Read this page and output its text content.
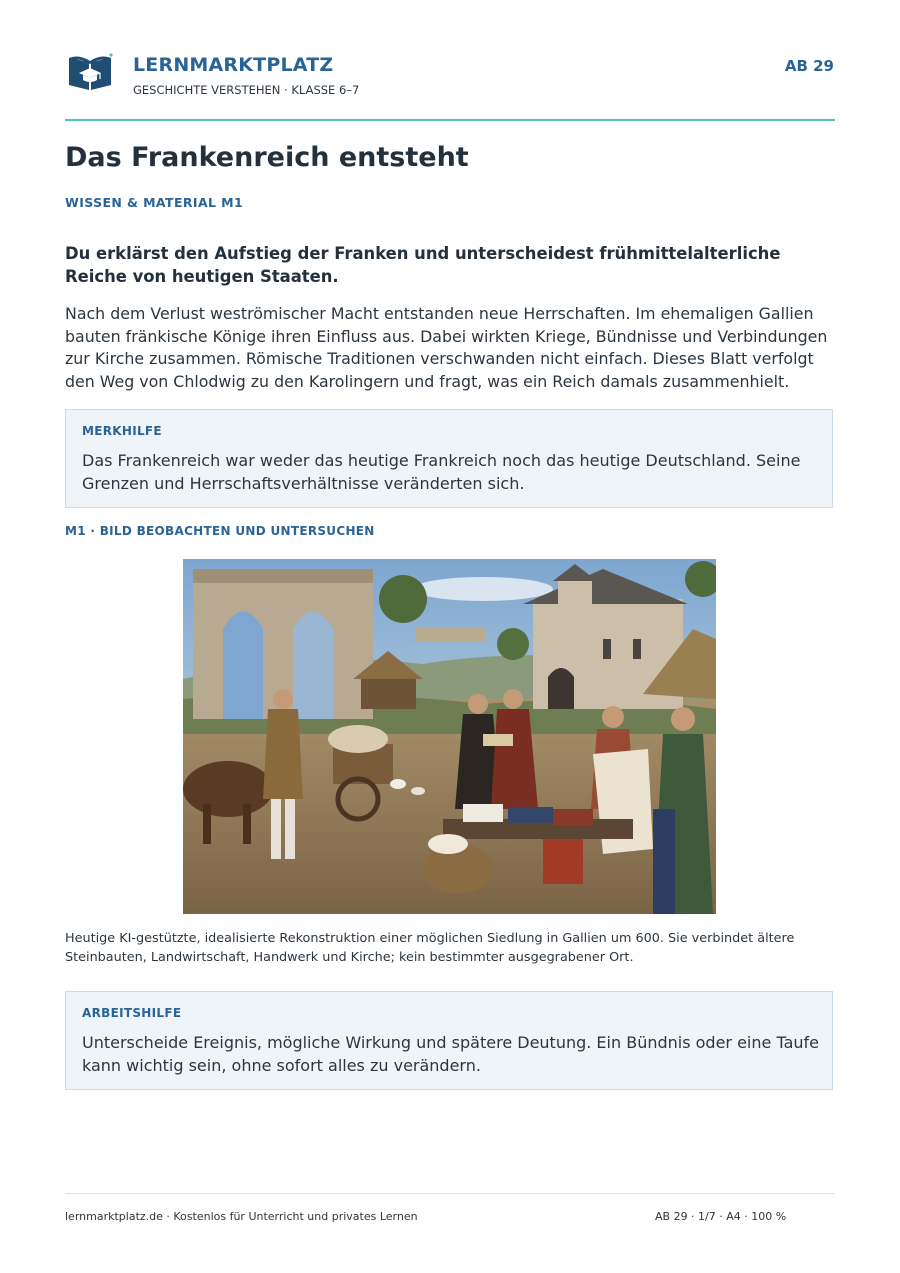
LERNMARKTPLATZ
GESCHICHTE VERSTEHEN · KLASSE 6–7
AB 29
Das Frankenreich entsteht
WISSEN & MATERIAL M1

Du erklärst den Aufstieg der Franken und unterscheidest frühmittelalterliche Reiche von heutigen Staaten.

Nach dem Verlust weströmischer Macht entstanden neue Herrschaften. Im ehemaligen Gallien bauten fränkische Könige ihren Einfluss aus. Dabei wirkten Kriege, Bündnisse und Verbindungen zur Kirche zusammen. Römische Traditionen verschwanden nicht einfach. Dieses Blatt verfolgt den Weg von Chlodwig zu den Karolingern und fragt, was ein Reich damals zusammenhielt.

MERKHILFE

Das Frankenreich war weder das heutige Frankreich noch das heutige Deutschland. Seine Grenzen und Herrschaftsverhältnisse veränderten sich.

M1 · BILD BEOBACHTEN UND UNTERSUCHEN

Heutige KI-gestützte, idealisierte Rekonstruktion einer möglichen Siedlung in Gallien um 600. Sie verbindet ältere Steinbauten, Landwirtschaft, Handwerk und Kirche; kein bestimmter ausgegrabener Ort.

ARBEITSHILFE

Unterscheide Ereignis, mögliche Wirkung und spätere Deutung. Ein Bündnis oder eine Taufe kann wichtig sein, ohne sofort alles zu verändern.

lernmarktplatz.de · Kostenlos für Unterricht und privates Lernen	AB 29 · 1/7 · A4 · 100 %
